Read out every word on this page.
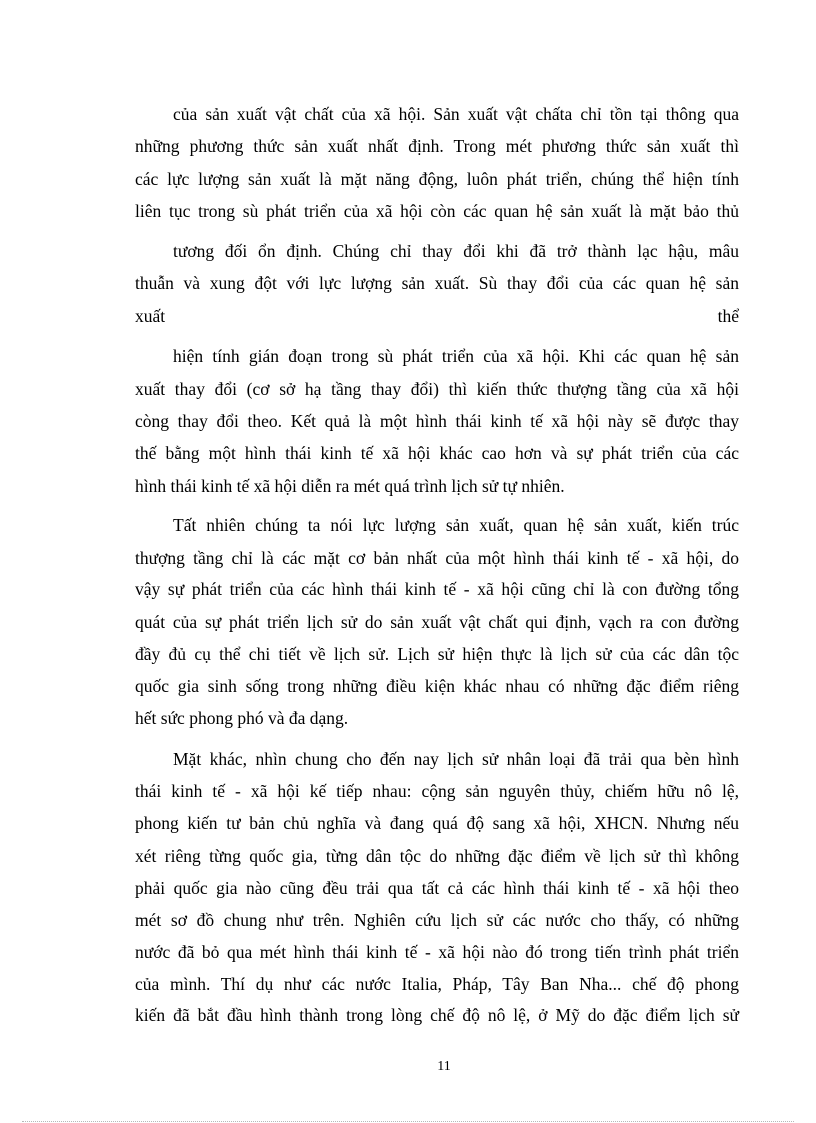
của sản xuất vật chất của xã hội. Sản xuất vật chấta chỉ tồn tại thông qua
những phương thức sản xuất nhất định. Trong mét phương thức sản xuất thì
các lực lượng sản xuất là mặt năng động, luôn phát triển, chúng thể hiện tính
liên tục trong sù phát triển của xã hội còn các quan hệ sản xuất là mặt bảo thủ
tương đối ổn định. Chúng chỉ thay đổi khi đã trở thành lạc hậu, mâu
thuẫn và xung đột với lực lượng sản xuất. Sù thay đổi của các quan hệ sản
xuất thể
hiện tính gián đoạn trong sù phát triển của xã hội. Khi các quan hệ sản
xuất thay đổi (cơ sở hạ tầng thay đổi) thì kiến thức thượng tầng của xã hội
còng thay đổi theo. Kết quả là một hình thái kinh tế xã hội này sẽ được thay
thế bằng một hình thái kinh tế xã hội khác cao hơn và sự phát triển của các
hình thái kinh tế xã hội diễn ra mét quá trình lịch sử tự nhiên.
Tất nhiên chúng ta nói lực lượng sản xuất, quan hệ sản xuất, kiến trúc
thượng tầng chỉ là các mặt cơ bản nhất của một hình thái kinh tế - xã hội, do
vậy sự phát triển của các hình thái kinh tế - xã hội cũng chỉ là con đường tổng
quát của sự phát triển lịch sử do sản xuất vật chất qui định, vạch ra con đường
đầy đủ cụ thể chi tiết về lịch sử. Lịch sử hiện thực là lịch sử của các dân tộc
quốc gia sinh sống trong những điều kiện khác nhau có những đặc điểm riêng
hết sức phong phó và đa dạng.
Mặt khác, nhìn chung cho đến nay lịch sử nhân loại đã trải qua bèn hình
thái kinh tế - xã hội kế tiếp nhau: cộng sản nguyên thủy, chiếm hữu nô lệ,
phong kiến tư bản chủ nghĩa và đang quá độ sang xã hội, XHCN. Nhưng nếu
xét riêng từng quốc gia, từng dân tộc do những đặc điểm về lịch sử thì không
phải quốc gia nào cũng đều trải qua tất cả các hình thái kinh tế - xã hội theo
mét sơ đồ chung như trên. Nghiên cứu lịch sử các nước cho thấy, có những
nước đã bỏ qua mét hình thái kinh tế - xã hội nào đó trong tiến trình phát triển
của mình. Thí dụ như các nước Italia, Pháp, Tây Ban Nha... chế độ phong
kiến đã bắt đầu hình thành trong lòng chế độ nô lệ, ở Mỹ do đặc điểm lịch sử
11
